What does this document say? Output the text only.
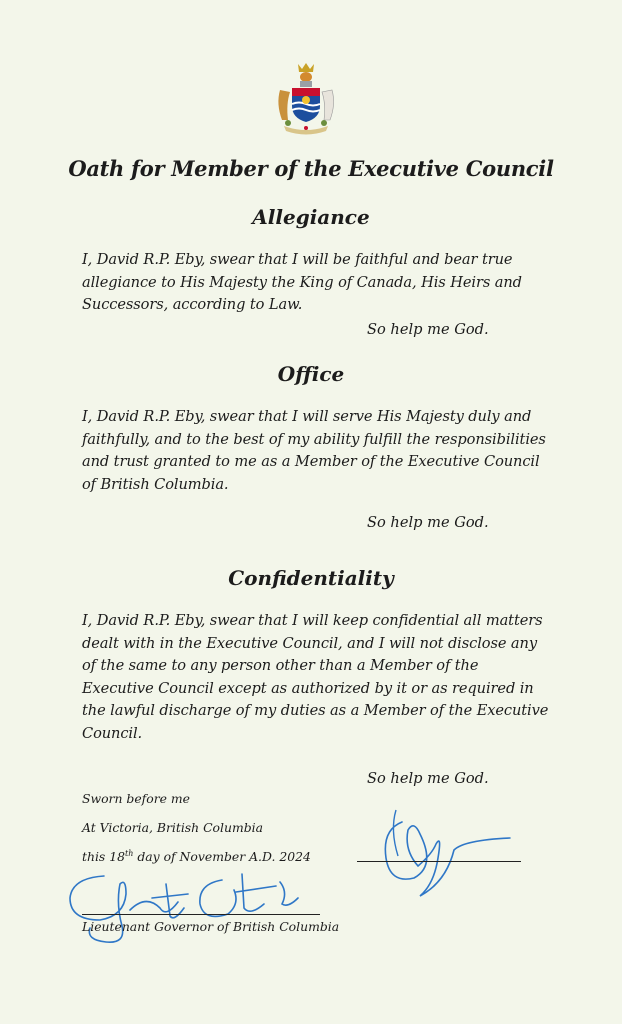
Oath for Member of the Executive Council
Allegiance
I, David R.P. Eby, swear that I will be faithful and bear true allegiance to His Majesty the King of Canada, His Heirs and Successors, according to Law.
So help me God.
Office
I, David R.P. Eby, swear that I will serve His Majesty duly and faithfully, and to the best of my ability fulfill the responsibilities and trust granted to me as a Member of the Executive Council of British Columbia.
So help me God.
Confidentiality
I, David R.P. Eby, swear that I will keep confidential all matters dealt with in the Executive Council, and I will not disclose any of the same to any person other than a Member of the Executive Council except as authorized by it or as required in the lawful discharge of my duties as a Member of the Executive Council.
So help me God.
Sworn before me
At Victoria, British Columbia
this 18th day of November A.D. 2024
Lieutenant Governor of British Columbia
